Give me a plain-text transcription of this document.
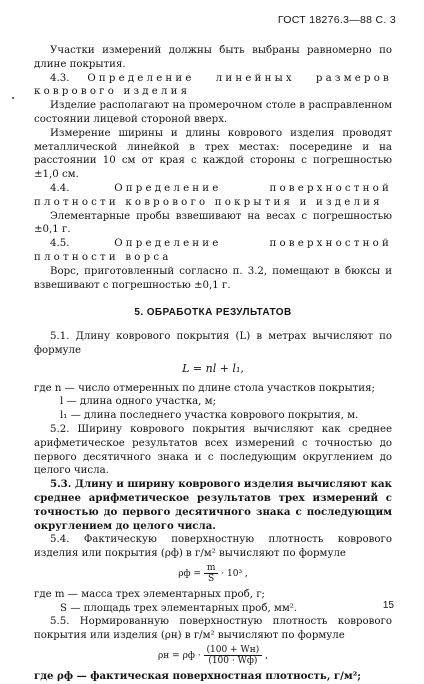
ГОСТ 18276.3—88 С. 3

Участки измерений должны быть выбраны равномерно по длине покрытия.

4.3. Определение линейных размеров коврового изделия

Изделие располагают на промерочном столе в расправленном состоянии лицевой стороной вверх.

Измерение ширины и длины коврового изделия проводят металлической линейкой в трех местах: посередине и на расстоянии 10 см от края с каждой стороны с погрешностью ±1,0 см.

4.4.	Определение поверхностной плотности коврового покрытия и изделия

Элементарные пробы взвешивают на весах с погрешностью ±0,1 г.

4.5.	Определение поверхностной плотности ворса

Ворс, приготовленный согласно п. 3.2, помещают в бюксы и взвешивают с погрешностью ±0,1 г.

5. ОБРАБОТКА РЕЗУЛЬТАТОВ

5.1. Длину коврового покрытия (L) в метрах вычисляют по формуле

L = nl + l₁,
где n — число отмеренных по длине стола участков покрытия;
l — длина одного участка, м;
l₁ — длина последнего участка коврового покрытия, м.

5.2. Ширину коврового покрытия вычисляют как среднее арифметическое результатов всех измерений с точностью до первого десятичного знака и с последующим округлением до целого числа.

5.3. Длину и ширину коврового изделия вычисляют как среднее арифметическое результатов трех измерений с точностью до первого десятичного знака с последующим округлением до целого числа.

5.4. Фактическую поверхностную плотность коврового изделия или покрытия (ρф) в г/м² вычисляют по формуле

$\rho ф = \frac{m}{S} \cdot 10^3$ ,
где m — масса трех элементарных проб, г;
S — площадь трех элементарных проб, мм².

5.5. Нормированную поверхностную плотность коврового покрытия или изделия (ρн) в г/м² вычисляют по формуле

$\rho н = \rho ф \cdot \frac{(100 + Wн)}{(100 \cdot Wф)}$ ,
где ρф — фактическая поверхностная плотность, г/м²;
15
